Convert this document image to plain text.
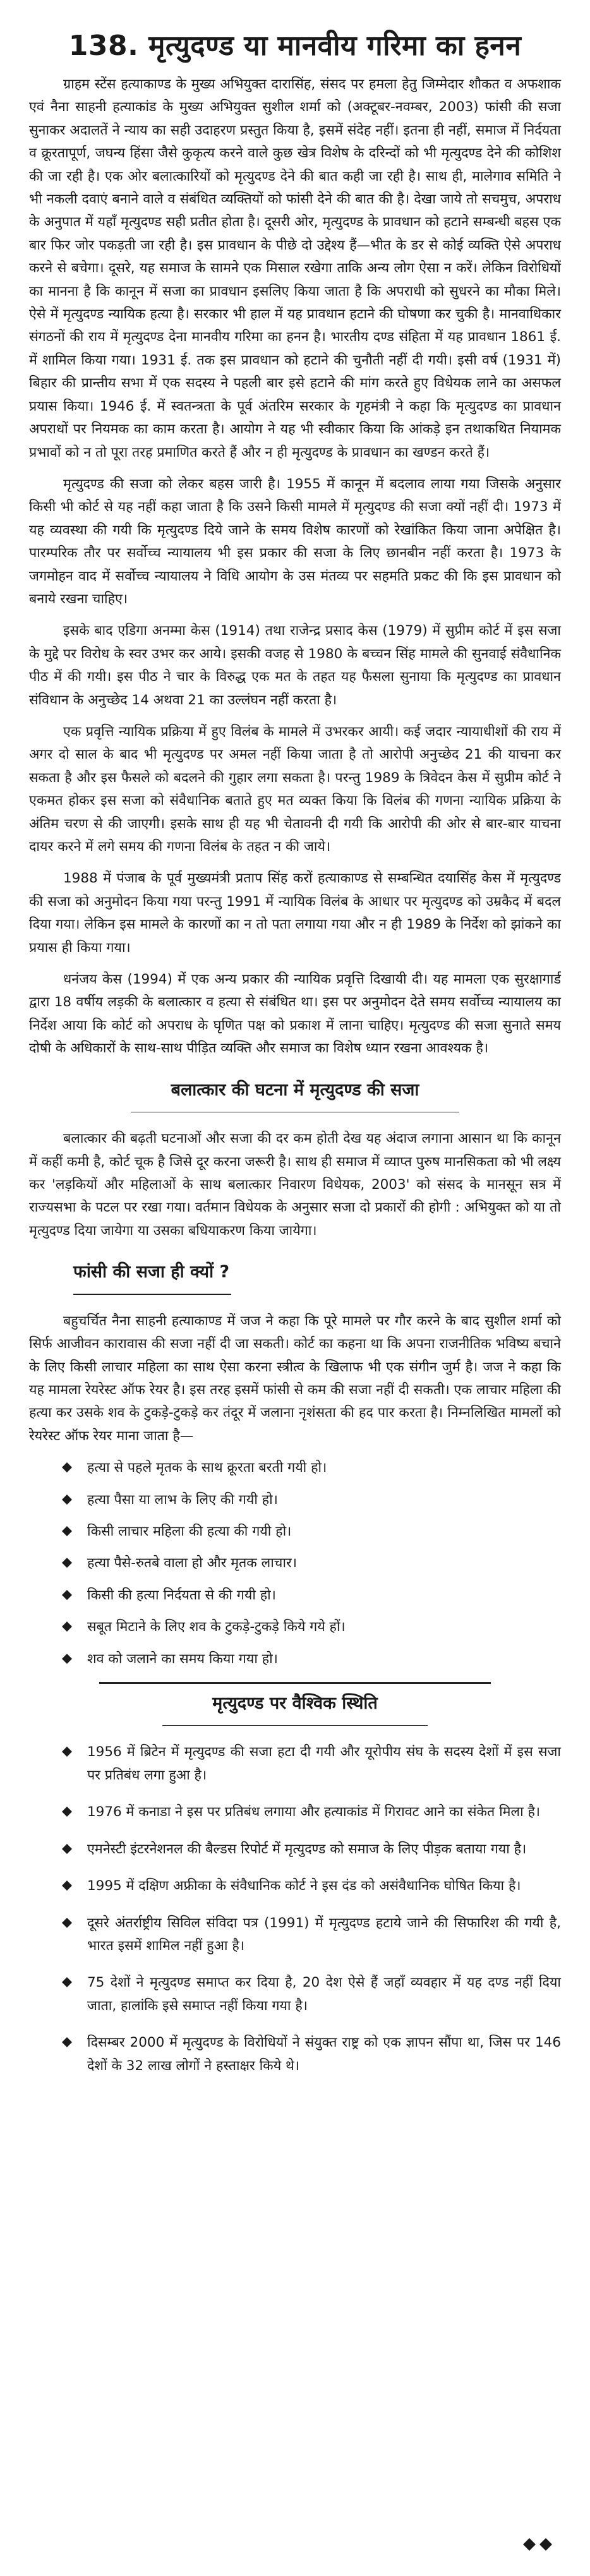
138. मृत्युदण्ड या मानवीय गरिमा का हनन

ग्राहम स्टेंस हत्याकाण्ड के मुख्य अभियुक्त दारासिंह, संसद पर हमला हेतु जिम्मेदार शौकत व अफशाक एवं नैना साहनी हत्याकांड के मुख्य अभियुक्त सुशील शर्मा को (अक्टूबर-नवम्बर, 2003) फांसी की सजा सुनाकर अदालतें ने न्याय का सही उदाहरण प्रस्तुत किया है, इसमें संदेह नहीं। इतना ही नहीं, समाज में निर्दयता व क्रूरतापूर्ण, जघन्य हिंसा जैसे कुकृत्य करने वाले कुछ खेत्र विशेष के दरिन्दों को भी मृत्युदण्ड देने की कोशिश की जा रही है। एक ओर बलात्कारियों को मृत्युदण्ड देने की बात कही जा रही है। साथ ही, मालेगाव समिति ने भी नकली दवाएं बनाने वाले व संबंधित व्यक्तियों को फांसी देने की बात की है। देखा जाये तो सचमुच, अपराध के अनुपात में यहाँ मृत्युदण्ड सही प्रतीत होता है। दूसरी ओर, मृत्युदण्ड के प्रावधान को हटाने सम्बन्धी बहस एक बार फिर जोर पकड़ती जा रही है। इस प्रावधान के पीछे दो उद्देश्य हैं—भीत के डर से कोई व्यक्ति ऐसे अपराध करने से बचेगा। दूसरे, यह समाज के सामने एक मिसाल रखेगा ताकि अन्य लोग ऐसा न करें। लेकिन विरोधियों का मानना है कि कानून में सजा का प्रावधान इसलिए किया जाता है कि अपराधी को सुधरने का मौका मिले। ऐसे में मृत्युदण्ड न्यायिक हत्या है। सरकार भी हाल में यह प्रावधान हटाने की घोषणा कर चुकी है। मानवाधिकार संगठनों की राय में मृत्युदण्ड देना मानवीय गरिमा का हनन है। भारतीय दण्ड संहिता में यह प्रावधान 1861 ई. में शामिल किया गया। 1931 ई. तक इस प्रावधान को हटाने की चुनौती नहीं दी गयी। इसी वर्ष (1931 में) बिहार की प्रान्तीय सभा में एक सदस्य ने पहली बार इसे हटाने की मांग करते हुए विधेयक लाने का असफल प्रयास किया। 1946 ई. में स्वतन्त्रता के पूर्व अंतरिम सरकार के गृहमंत्री ने कहा कि मृत्युदण्ड का प्रावधान अपराधों पर नियमक का काम करता है। आयोग ने यह भी स्वीकार किया कि आंकड़े इन तथाकथित नियामक प्रभावों को न तो पूरा तरह प्रमाणित करते हैं और न ही मृत्युदण्ड के प्रावधान का खण्डन करते हैं।

मृत्युदण्ड की सजा को लेकर बहस जारी है। 1955 में कानून में बदलाव लाया गया जिसके अनुसार किसी भी कोर्ट से यह नहीं कहा जाता है कि उसने किसी मामले में मृत्युदण्ड की सजा क्यों नहीं दी। 1973 में यह व्यवस्था की गयी कि मृत्युदण्ड दिये जाने के समय विशेष कारणों को रेखांकित किया जाना अपेक्षित है। पारम्परिक तौर पर सर्वोच्च न्यायालय भी इस प्रकार की सजा के लिए छानबीन नहीं करता है। 1973 के जगमोहन वाद में सर्वोच्च न्यायालय ने विधि आयोग के उस मंतव्य पर सहमति प्रकट की कि इस प्रावधान को बनाये रखना चाहिए।

इसके बाद एडिगा अनम्मा केस (1914) तथा राजेन्द्र प्रसाद केस (1979) में सुप्रीम कोर्ट में इस सजा के मुद्दे पर विरोध के स्वर उभर कर आये। इसकी वजह से 1980 के बच्चन सिंह मामले की सुनवाई संवैधानिक पीठ में की गयी। इस पीठ ने चार के विरुद्ध एक मत के तहत यह फैसला सुनाया कि मृत्युदण्ड का प्रावधान संविधान के अनुच्छेद 14 अथवा 21 का उल्लंघन नहीं करता है।

एक प्रवृत्ति न्यायिक प्रक्रिया में हुए विलंब के मामले में उभरकर आयी। कई जदार न्यायाधीशों की राय में अगर दो साल के बाद भी मृत्युदण्ड पर अमल नहीं किया जाता है तो आरोपी अनुच्छेद 21 की याचना कर सकता है और इस फैसले को बदलने की गुहार लगा सकता है। परन्तु 1989 के त्रिवेदन केस में सुप्रीम कोर्ट ने एकमत होकर इस सजा को संवैधानिक बताते हुए मत व्यक्त किया कि विलंब की गणना न्यायिक प्रक्रिया के अंतिम चरण से की जाएगी। इसके साथ ही यह भी चेतावनी दी गयी कि आरोपी की ओर से बार-बार याचना दायर करने में लगे समय की गणना विलंब के तहत न की जाये।

1988 में पंजाब के पूर्व मुख्यमंत्री प्रताप सिंह करों हत्याकाण्ड से सम्बन्धित दयासिंह केस में मृत्युदण्ड की सजा को अनुमोदन किया गया परन्तु 1991 में न्यायिक विलंब के आधार पर मृत्युदण्ड को उम्रकैद में बदल दिया गया। लेकिन इस मामले के कारणों का न तो पता लगाया गया और न ही 1989 के निर्देश को झांकने का प्रयास ही किया गया।

धनंजय केस (1994) में एक अन्य प्रकार की न्यायिक प्रवृत्ति दिखायी दी। यह मामला एक सुरक्षागार्ड द्वारा 18 वर्षीय लड़की के बलात्कार व हत्या से संबंधित था। इस पर अनुमोदन देते समय सर्वोच्च न्यायालय का निर्देश आया कि कोर्ट को अपराध के घृणित पक्ष को प्रकाश में लाना चाहिए। मृत्युदण्ड की सजा सुनाते समय दोषी के अधिकारों के साथ-साथ पीड़ित व्यक्ति और समाज का विशेष ध्यान रखना आवश्यक है।

बलात्कार की घटना में मृत्युदण्ड की सजा

बलात्कार की बढ़ती घटनाओं और सजा की दर कम होती देख यह अंदाज लगाना आसान था कि कानून में कहीं कमी है, कोर्ट चूक है जिसे दूर करना जरूरी है। साथ ही समाज में व्याप्त पुरुष मानसिकता को भी लक्ष्य कर 'लड़कियों और महिलाओं के साथ बलात्कार निवारण विधेयक, 2003' को संसद के मानसून सत्र में राज्यसभा के पटल पर रखा गया। वर्तमान विधेयक के अनुसार सजा दो प्रकारों की होगी : अभियुक्त को या तो मृत्युदण्ड दिया जायेगा या उसका बधियाकरण किया जायेगा।

फांसी की सजा ही क्यों ?

बहुचर्चित नैना साहनी हत्याकाण्ड में जज ने कहा कि पूरे मामले पर गौर करने के बाद सुशील शर्मा को सिर्फ आजीवन कारावास की सजा नहीं दी जा सकती। कोर्ट का कहना था कि अपना राजनीतिक भविष्य बचाने के लिए किसी लाचार महिला का साथ ऐसा करना स्त्रीत्व के खिलाफ भी एक संगीन जुर्म है। जज ने कहा कि यह मामला रेयरेस्ट ऑफ रेयर है। इस तरह इसमें फांसी से कम की सजा नहीं दी सकती। एक लाचार महिला की हत्या कर उसके शव के टुकड़े-टुकड़े कर तंदूर में जलाना नृशंसता की हद पार करता है। निम्नलिखित मामलों को रेयरेस्ट ऑफ रेयर माना जाता है—

हत्या से पहले मृतक के साथ क्रूरता बरती गयी हो।
हत्या पैसा या लाभ के लिए की गयी हो।
किसी लाचार महिला की हत्या की गयी हो।
हत्या पैसे-रुतबे वाला हो और मृतक लाचार।
किसी की हत्या निर्दयता से की गयी हो।
सबूत मिटाने के लिए शव के टुकड़े-टुकड़े किये गये हों।
शव को जलाने का समय किया गया हो।
मृत्युदण्ड पर वैश्विक स्थिति
1956 में ब्रिटेन में मृत्युदण्ड की सजा हटा दी गयी और यूरोपीय संघ के सदस्य देशों में इस सजा पर प्रतिबंध लगा हुआ है।
1976 में कनाडा ने इस पर प्रतिबंध लगाया और हत्याकांड में गिरावट आने का संकेत मिला है।
एमनेस्टी इंटरनेशनल की बैल्डस रिपोर्ट में मृत्युदण्ड को समाज के लिए पीड़क बताया गया है।
1995 में दक्षिण अफ्रीका के संवैधानिक कोर्ट ने इस दंड को असंवैधानिक घोषित किया है।
दूसरे अंतर्राष्ट्रीय सिविल संविदा पत्र (1991) में मृत्युदण्ड हटाये जाने की सिफारिश की गयी है, भारत इसमें शामिल नहीं हुआ है।
75 देशों ने मृत्युदण्ड समाप्त कर दिया है, 20 देश ऐसे हैं जहाँ व्यवहार में यह दण्ड नहीं दिया जाता, हालांकि इसे समाप्त नहीं किया गया है।
दिसम्बर 2000 में मृत्युदण्ड के विरोधियों ने संयुक्त राष्ट्र को एक ज्ञापन सौंपा था, जिस पर 146 देशों के 32 लाख लोगों ने हस्ताक्षर किये थे।
